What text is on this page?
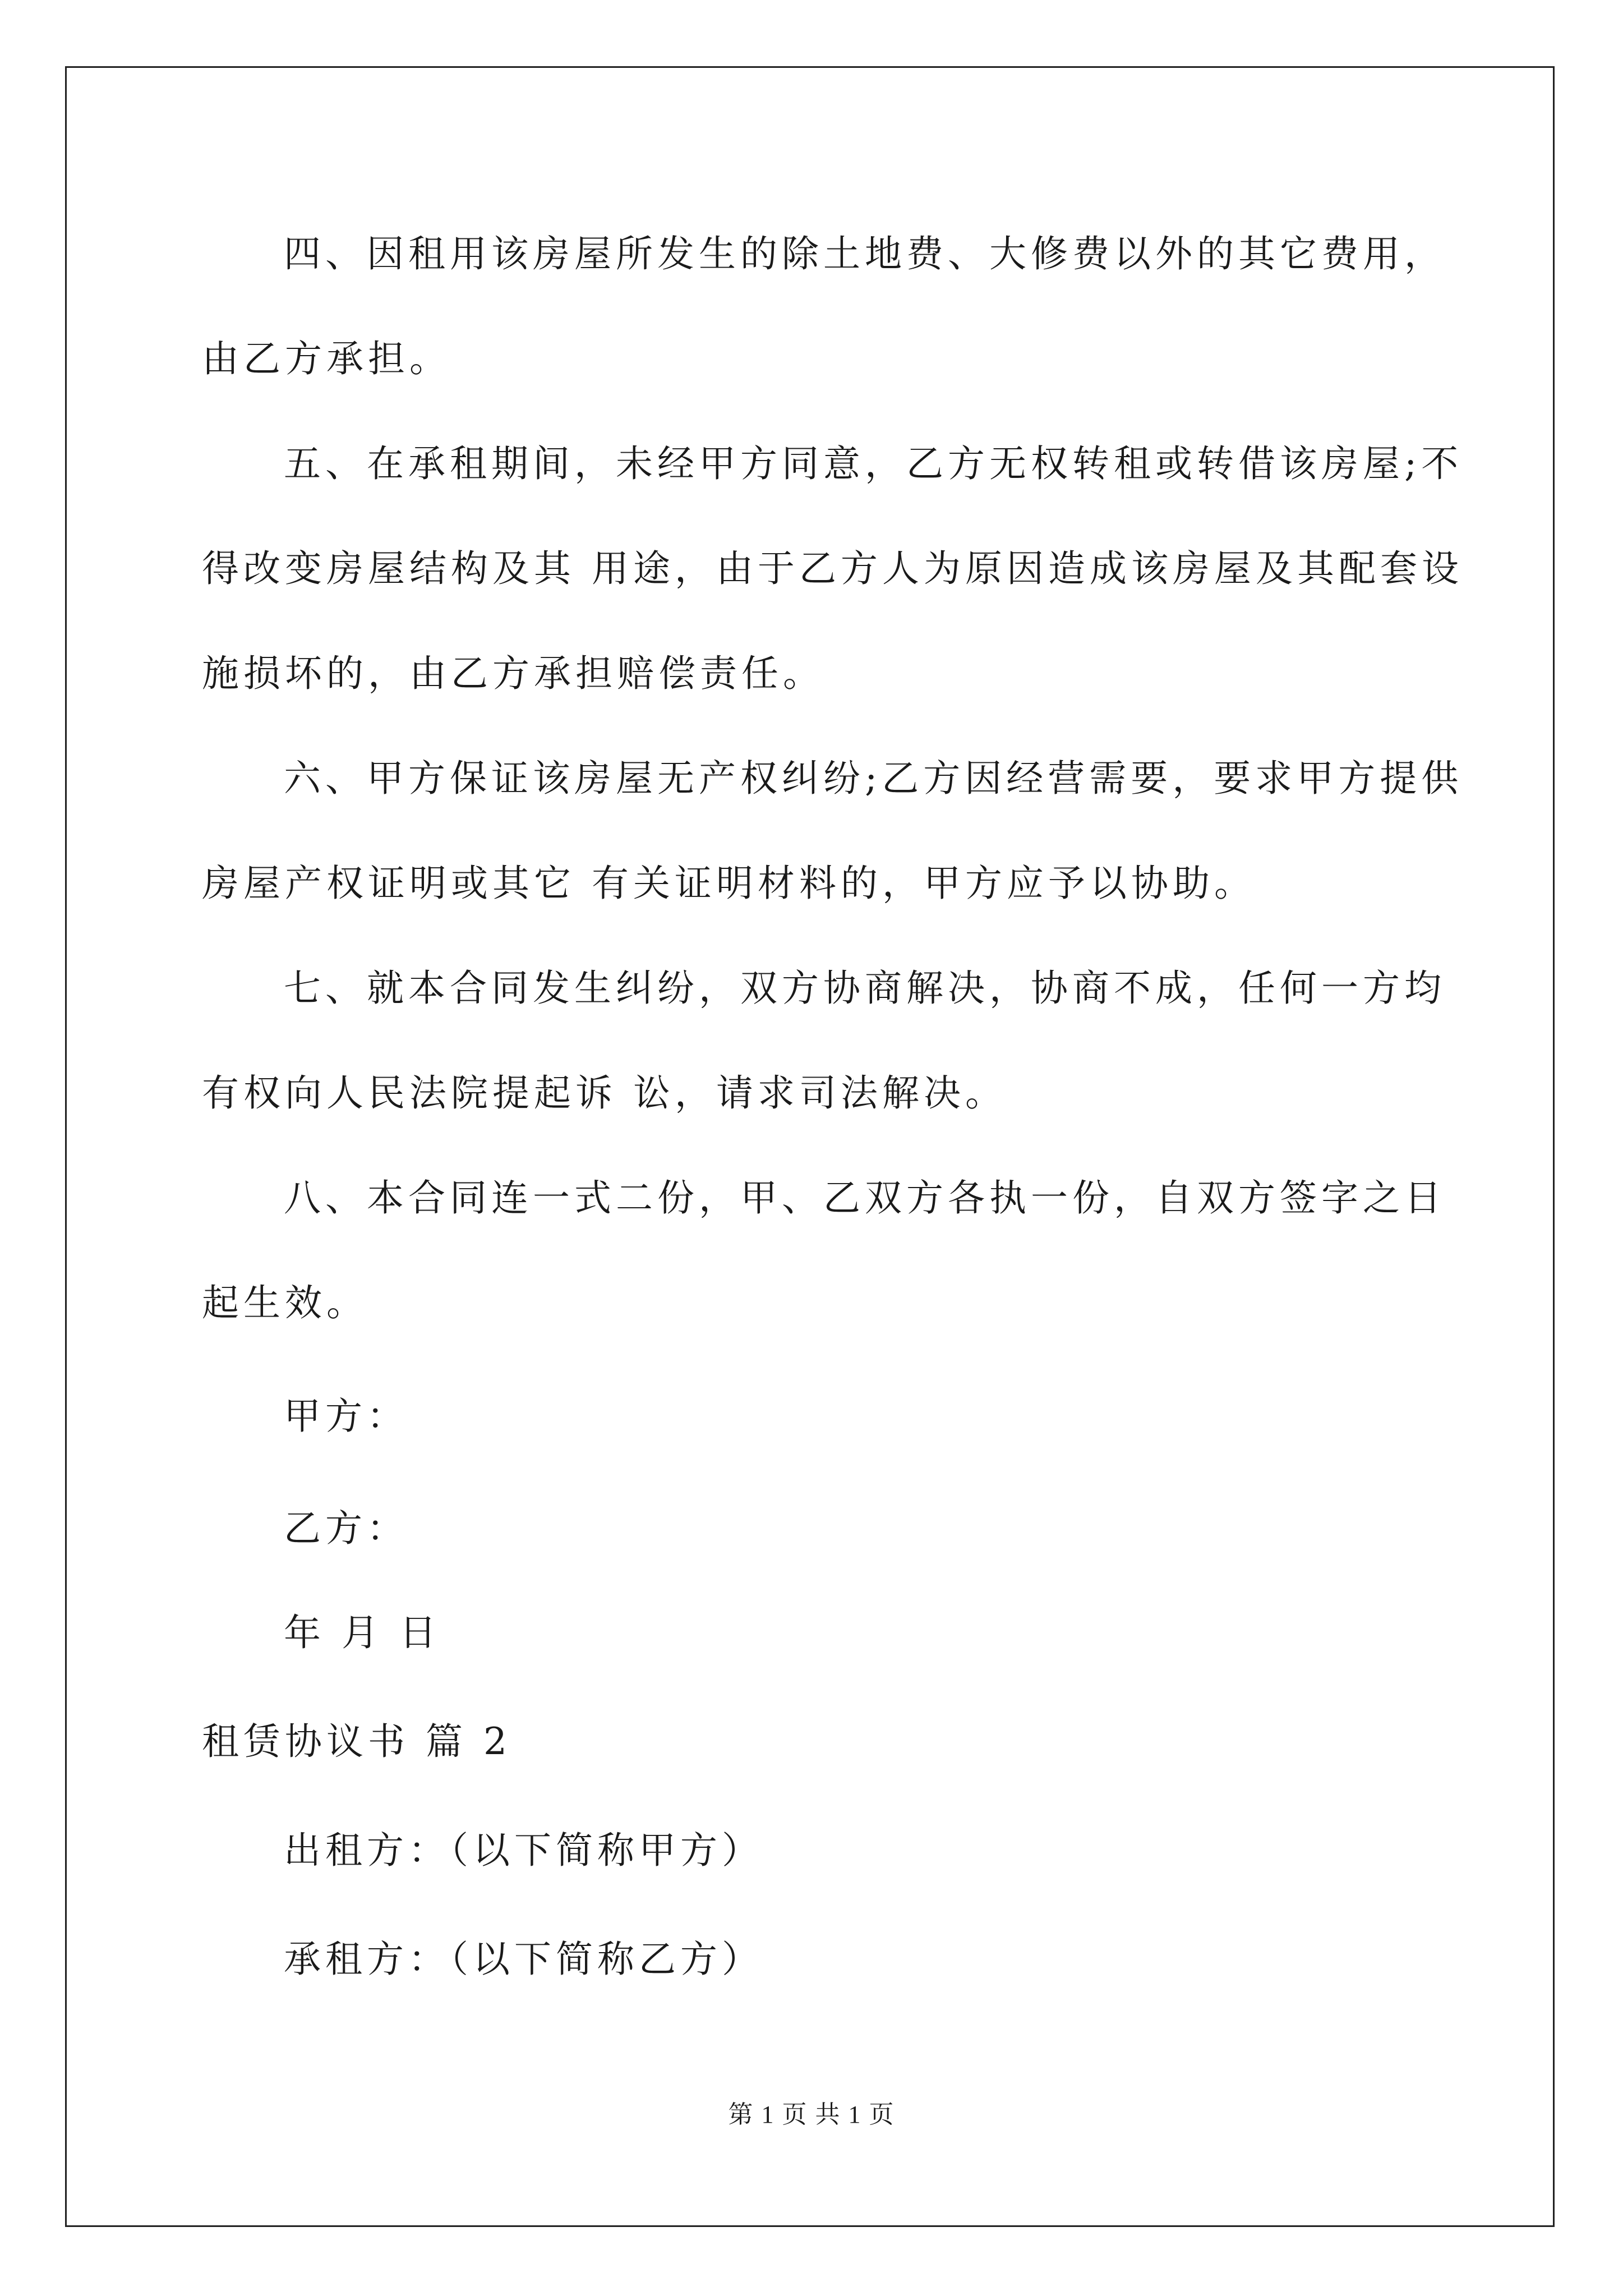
四、因租用该房屋所发生的除土地费、大修费以外的其它费用，
由乙方承担。
五、在承租期间，未经甲方同意，乙方无权转租或转借该房屋;不
得改变房屋结构及其 用途，由于乙方人为原因造成该房屋及其配套设
施损坏的，由乙方承担赔偿责任。
六、甲方保证该房屋无产权纠纷;乙方因经营需要，要求甲方提供
房屋产权证明或其它 有关证明材料的，甲方应予以协助。
七、就本合同发生纠纷，双方协商解决，协商不成，任何一方均
有权向人民法院提起诉 讼，请求司法解决。
八、本合同连一式二份，甲、乙双方各执一份，自双方签字之日
起生效。
甲方：
乙方：
年 月 日
租赁协议书 篇 2
出租方：（以下简称甲方）
承租方：（以下简称乙方）
第 1 页 共 1 页
